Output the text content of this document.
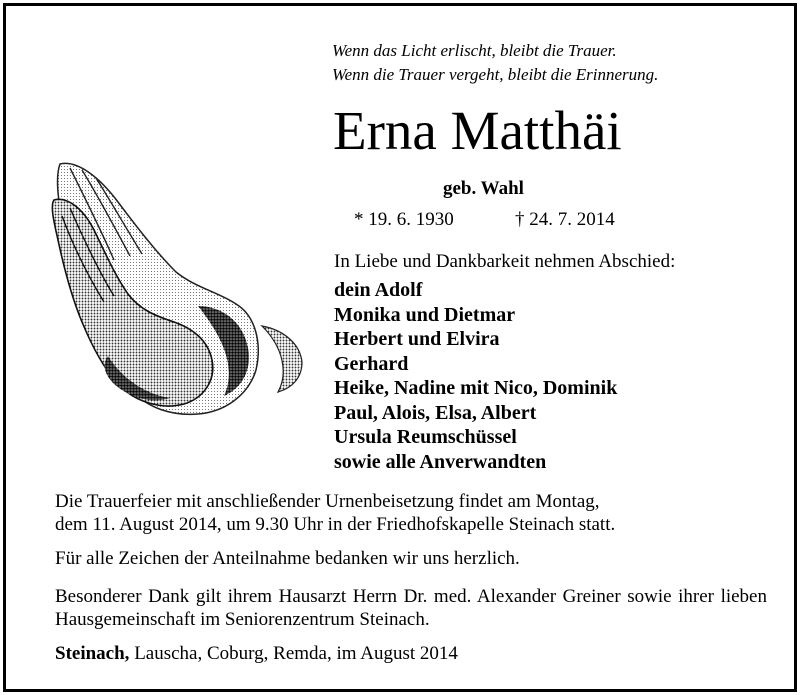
Wenn das Licht erlischt, bleibt die Trauer.
Wenn die Trauer vergeht, bleibt die Erinnerung.
Erna Matthäi
geb. Wahl
* 19. 6. 1930	† 24. 7. 2014
In Liebe und Dankbarkeit nehmen Abschied:
dein Adolf
Monika und Dietmar
Herbert und Elvira
Gerhard
Heike, Nadine mit Nico, Dominik
Paul, Alois, Elsa, Albert
Ursula Reumschüssel
sowie alle Anverwandten
Die Trauerfeier mit anschließender Urnenbeisetzung findet am Montag,
dem 11. August 2014, um 9.30 Uhr in der Friedhofskapelle Steinach statt.
Für alle Zeichen der Anteilnahme bedanken wir uns herzlich.
Besonderer Dank gilt ihrem Hausarzt Herrn Dr. med. Alexander Greiner sowie ihrer lieben Hausgemeinschaft im Seniorenzentrum Steinach.
Steinach, Lauscha, Coburg, Remda, im August 2014
